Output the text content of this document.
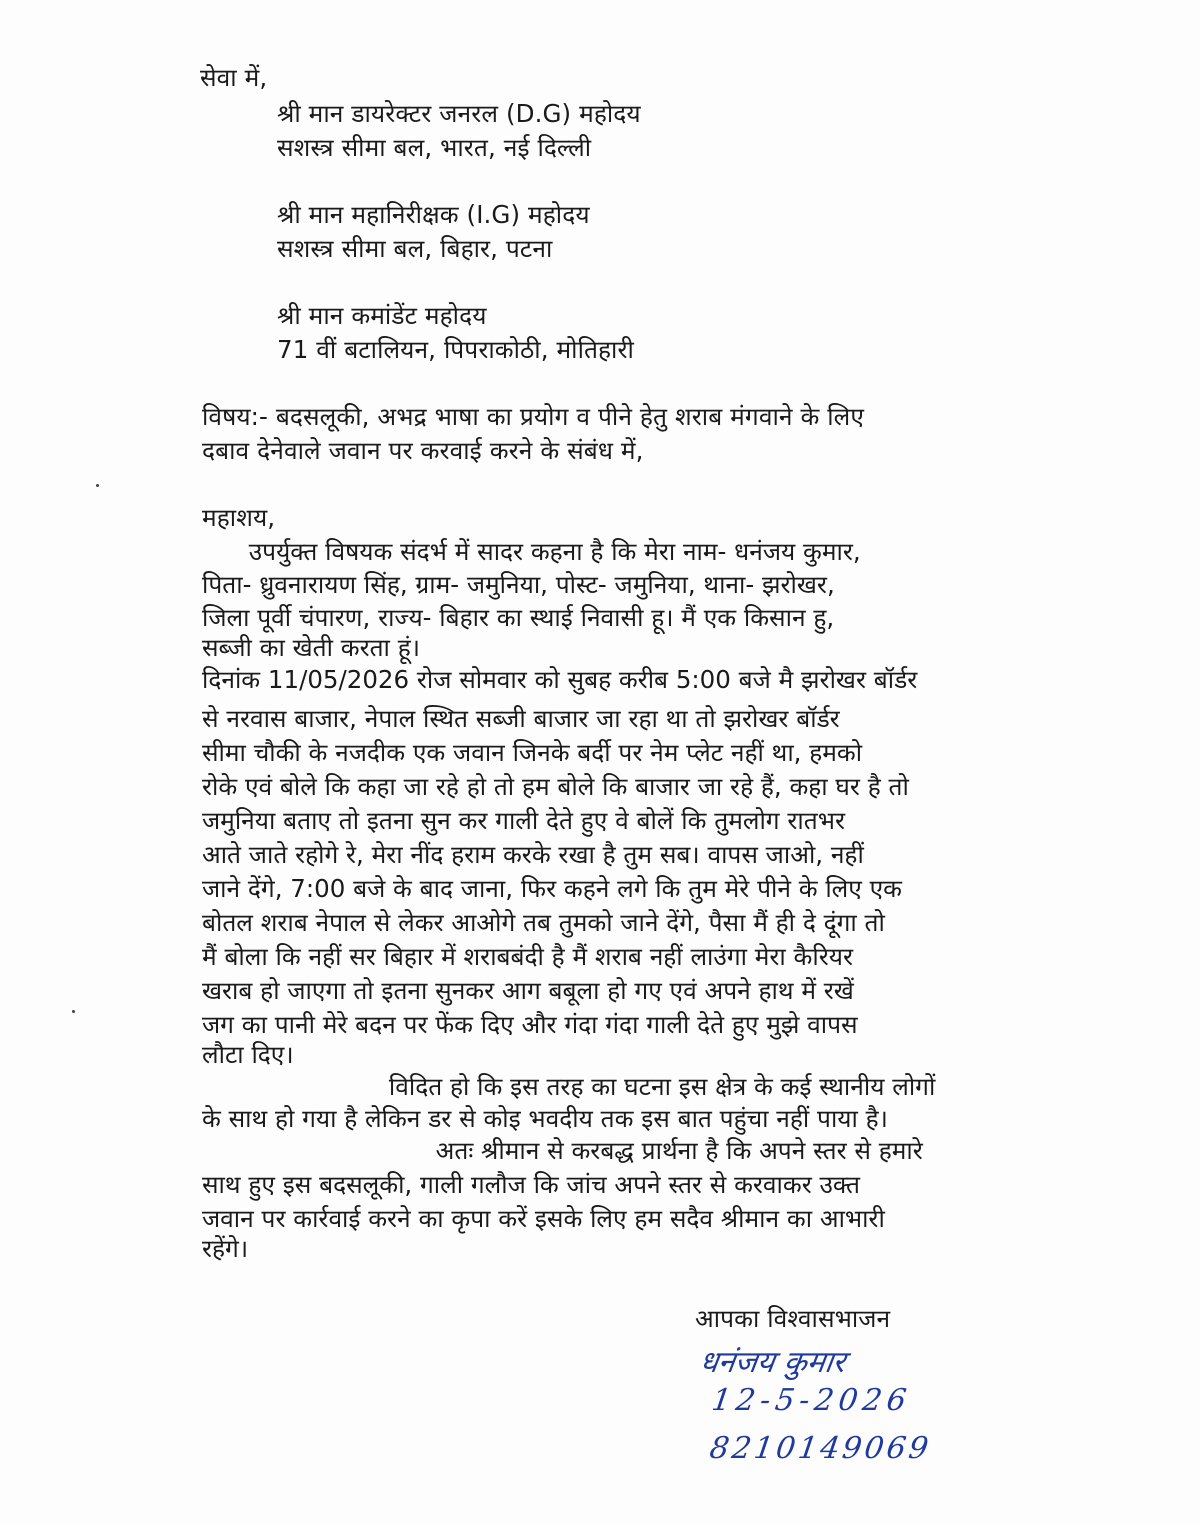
सेवा में,
श्री मान डायरेक्टर जनरल (D.G) महोदय
सशस्त्र सीमा बल, भारत, नई दिल्ली
श्री मान महानिरीक्षक (I.G) महोदय
सशस्त्र सीमा बल, बिहार, पटना
श्री मान कमांडेंट महोदय
71 वीं बटालियन, पिपराकोठी, मोतिहारी
विषय:- बदसलूकी, अभद्र भाषा का प्रयोग व पीने हेतु शराब मंगवाने के लिए
दबाव देनेवाले जवान पर करवाई करने के संबंध में,
महाशय,
उपर्युक्त विषयक संदर्भ में सादर कहना है कि मेरा नाम- धनंजय कुमार,
पिता- ध्रुवनारायण सिंह, ग्राम- जमुनिया, पोस्ट- जमुनिया, थाना- झरोखर,
जिला पूर्वी चंपारण, राज्य- बिहार का स्थाई निवासी हू। मैं एक किसान हु,
सब्जी का खेती करता हूं।
दिनांक 11/05/2026 रोज सोमवार को सुबह करीब 5:00 बजे मै झरोखर बॉर्डर
से नरवास बाजार, नेपाल स्थित सब्जी बाजार जा रहा था तो झरोखर बॉर्डर
सीमा चौकी के नजदीक एक जवान जिनके बर्दी पर नेम प्लेट नहीं था, हमको
रोके एवं बोले कि कहा जा रहे हो तो हम बोले कि बाजार जा रहे हैं, कहा घर है तो
जमुनिया बताए तो इतना सुन कर गाली देते हुए वे बोलें कि तुमलोग रातभर
आते जाते रहोगे रे, मेरा नींद हराम करके रखा है तुम सब। वापस जाओ, नहीं
जाने देंगे, 7:00 बजे के बाद जाना, फिर कहने लगे कि तुम मेरे पीने के लिए एक
बोतल शराब नेपाल से लेकर आओगे तब तुमको जाने देंगे, पैसा मैं ही दे दूंगा तो
मैं बोला कि नहीं सर बिहार में शराबबंदी है मैं शराब नहीं लाउंगा मेरा कैरियर
खराब हो जाएगा तो इतना सुनकर आग बबूला हो गए एवं अपने हाथ में रखें
जग का पानी मेरे बदन पर फेंक दिए और गंदा गंदा गाली देते हुए मुझे वापस
लौटा दिए।
विदित हो कि इस तरह का घटना इस क्षेत्र के कई स्थानीय लोगों
के साथ हो गया है लेकिन डर से कोइ भवदीय तक इस बात पहुंचा नहीं पाया है।
अतः श्रीमान से करबद्ध प्रार्थना है कि अपने स्तर से हमारे
साथ हुए इस बदसलूकी, गाली गलौज कि जांच अपने स्तर से करवाकर उक्त
जवान पर कार्रवाई करने का कृपा करें इसके लिए हम सदैव श्रीमान का आभारी
रहेंगे।
आपका विश्वासभाजन
धनंजय कुमार
12-5-2026
8210149069
